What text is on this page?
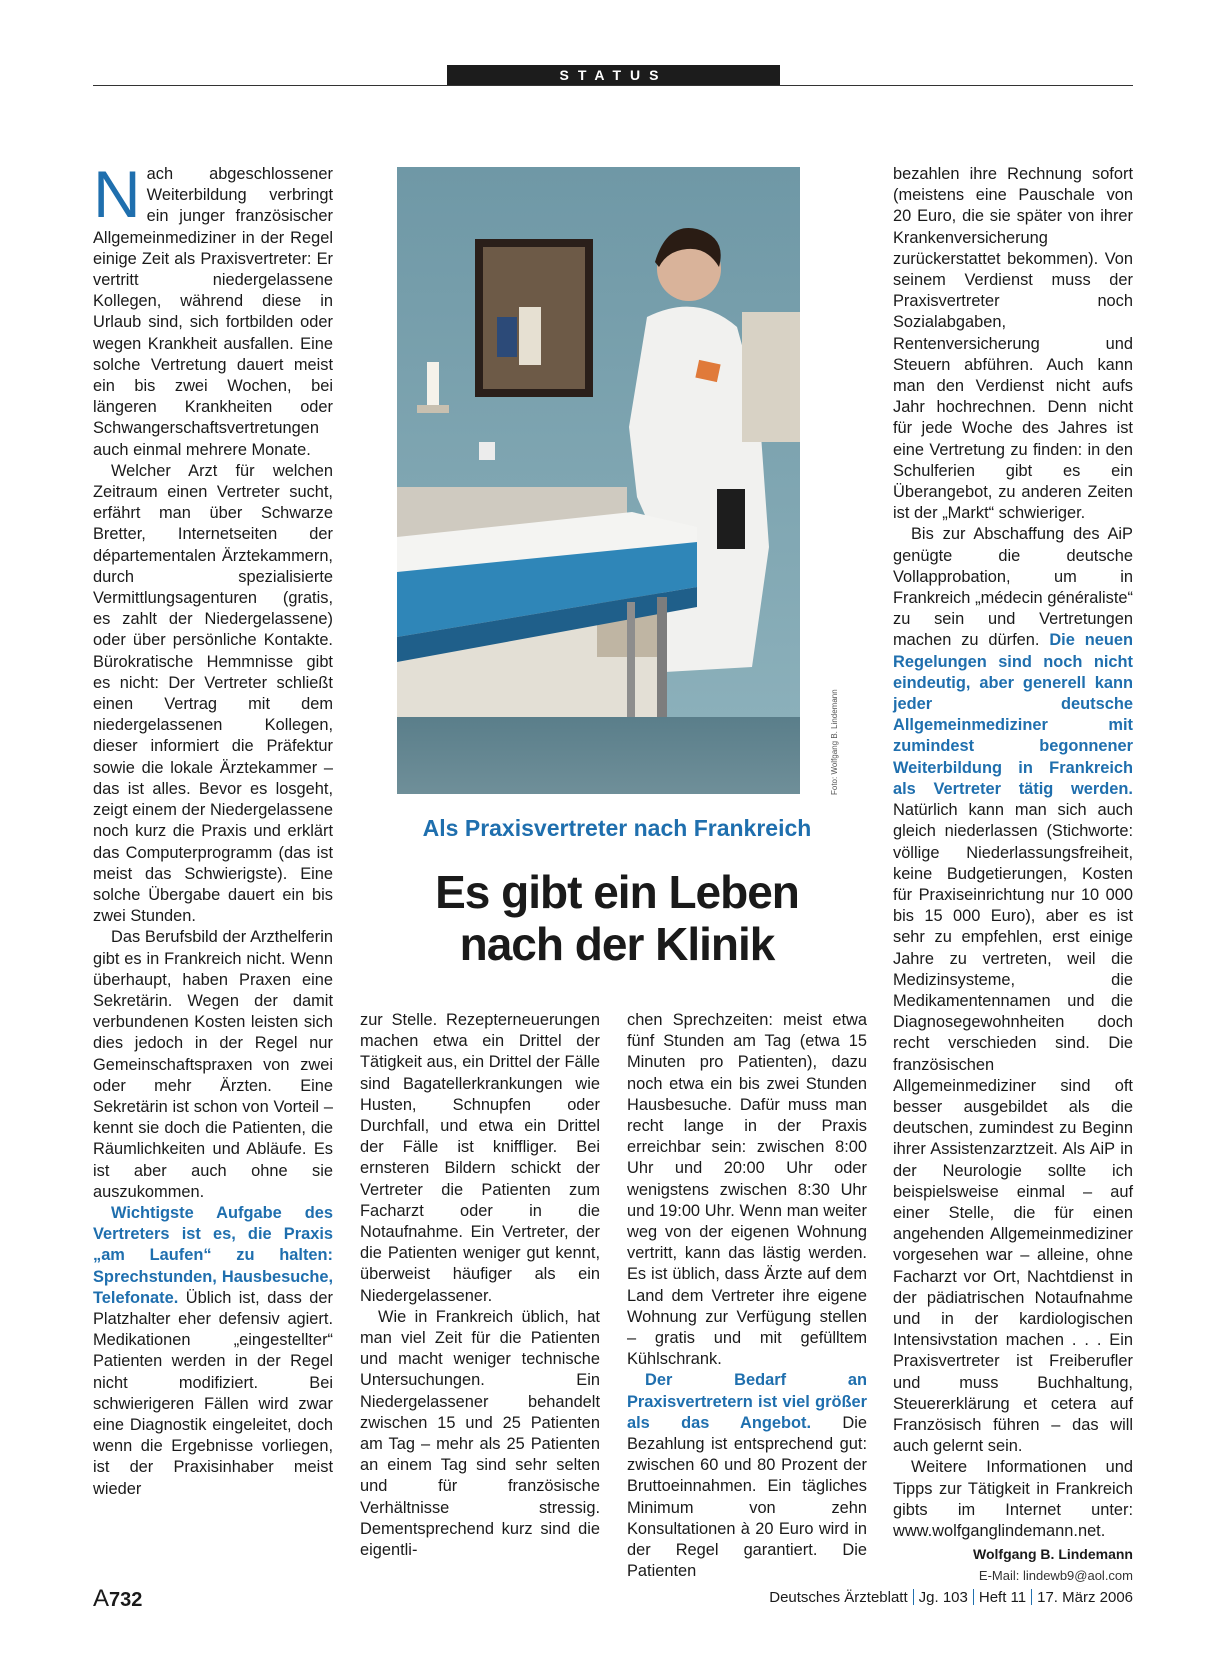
STATUS

Nach abgeschlossener Weiterbildung verbringt ein junger französischer Allgemeinmediziner in der Regel einige Zeit als Praxisvertreter: Er vertritt niedergelassene Kollegen, während diese in Urlaub sind, sich fortbilden oder wegen Krankheit ausfallen. Eine solche Vertretung dauert meist ein bis zwei Wochen, bei längeren Krankheiten oder Schwangerschaftsvertretungen auch einmal mehrere Monate.

Welcher Arzt für welchen Zeitraum einen Vertreter sucht, erfährt man über Schwarze Bretter, Internetseiten der départementalen Ärztekammern, durch spezialisierte Vermittlungsagenturen (gratis, es zahlt der Niedergelassene) oder über persönliche Kontakte. Bürokratische Hemmnisse gibt es nicht: Der Vertreter schließt einen Vertrag mit dem niedergelassenen Kollegen, dieser informiert die Präfektur sowie die lokale Ärztekammer – das ist alles. Bevor es losgeht, zeigt einem der Niedergelassene noch kurz die Praxis und erklärt das Computerprogramm (das ist meist das Schwierigste). Eine solche Übergabe dauert ein bis zwei Stunden.

Das Berufsbild der Arzthelferin gibt es in Frankreich nicht. Wenn überhaupt, haben Praxen eine Sekretärin. Wegen der damit verbundenen Kosten leisten sich dies jedoch in der Regel nur Gemeinschaftspraxen von zwei oder mehr Ärzten. Eine Sekretärin ist schon von Vorteil – kennt sie doch die Patienten, die Räumlichkeiten und Abläufe. Es ist aber auch ohne sie auszukommen.

Wichtigste Aufgabe des Vertreters ist es, die Praxis „am Laufen“ zu halten: Sprechstunden, Hausbesuche, Telefonate. Üblich ist, dass der Platzhalter eher defensiv agiert. Medikationen „eingestellter“ Patienten werden in der Regel nicht modifiziert. Bei schwierigeren Fällen wird zwar eine Diagnostik eingeleitet, doch wenn die Ergebnisse vorliegen, ist der Praxisinhaber meist wieder

Foto: Wolfgang B. Lindemann
Als Praxisvertreter nach Frankreich
Es gibt ein Leben
nach der Klinik

zur Stelle. Rezepterneuerungen machen etwa ein Drittel der Tätigkeit aus, ein Drittel der Fälle sind Bagatellerkrankungen wie Husten, Schnupfen oder Durchfall, und etwa ein Drittel der Fälle ist kniffliger. Bei ernsteren Bildern schickt der Vertreter die Patienten zum Facharzt oder in die Notaufnahme. Ein Vertreter, der die Patienten weniger gut kennt, überweist häufiger als ein Niedergelassener.

Wie in Frankreich üblich, hat man viel Zeit für die Patienten und macht weniger technische Untersuchungen. Ein Niedergelassener behandelt zwischen 15 und 25 Patienten am Tag – mehr als 25 Patienten an einem Tag sind sehr selten und für französische Verhältnisse stressig. Dementsprechend kurz sind die eigentli-

chen Sprechzeiten: meist etwa fünf Stunden am Tag (etwa 15 Minuten pro Patienten), dazu noch etwa ein bis zwei Stunden Hausbesuche. Dafür muss man recht lange in der Praxis erreichbar sein: zwischen 8:00 Uhr und 20:00 Uhr oder wenigstens zwischen 8:30 Uhr und 19:00 Uhr. Wenn man weiter weg von der eigenen Wohnung vertritt, kann das lästig werden. Es ist üblich, dass Ärzte auf dem Land dem Vertreter ihre eigene Wohnung zur Verfügung stellen – gratis und mit gefülltem Kühlschrank.

Der Bedarf an Praxisvertretern ist viel größer als das Angebot. Die Bezahlung ist entsprechend gut: zwischen 60 und 80 Prozent der Bruttoeinnahmen. Ein tägliches Minimum von zehn Konsultationen à 20 Euro wird in der Regel garantiert. Die Patienten

bezahlen ihre Rechnung sofort (meistens eine Pauschale von 20 Euro, die sie später von ihrer Krankenversicherung zurückerstattet bekommen). Von seinem Verdienst muss der Praxisvertreter noch Sozialabgaben, Rentenversicherung und Steuern abführen. Auch kann man den Verdienst nicht aufs Jahr hochrechnen. Denn nicht für jede Woche des Jahres ist eine Vertretung zu finden: in den Schulferien gibt es ein Überangebot, zu anderen Zeiten ist der „Markt“ schwieriger.

Bis zur Abschaffung des AiP genügte die deutsche Vollapprobation, um in Frankreich „médecin généraliste“ zu sein und Vertretungen machen zu dürfen. Die neuen Regelungen sind noch nicht eindeutig, aber generell kann jeder deutsche Allgemeinmediziner mit zumindest begonnener Weiterbildung in Frankreich als Vertreter tätig werden. Natürlich kann man sich auch gleich niederlassen (Stichworte: völlige Niederlassungsfreiheit, keine Budgetierungen, Kosten für Praxiseinrichtung nur 10 000 bis 15 000 Euro), aber es ist sehr zu empfehlen, erst einige Jahre zu vertreten, weil die Medizinsysteme, die Medikamentennamen und die Diagnosegewohnheiten doch recht verschieden sind. Die französischen Allgemeinmediziner sind oft besser ausgebildet als die deutschen, zumindest zu Beginn ihrer Assistenzarztzeit. Als AiP in der Neurologie sollte ich beispielsweise einmal – auf einer Stelle, die für einen angehenden Allgemeinmediziner vorgesehen war – alleine, ohne Facharzt vor Ort, Nachtdienst in der pädiatrischen Notaufnahme und in der kardiologischen Intensivstation machen . . . Ein Praxisvertreter ist Freiberufler und muss Buchhaltung, Steuererklärung et cetera auf Französisch führen – das will auch gelernt sein.

Weitere Informationen und Tipps zur Tätigkeit in Frankreich gibts im Internet unter: www.wolfganglindemann.net.

Wolfgang B. Lindemann
E-Mail: lindewb9@aol.com
A732	Deutsches Ärzteblatt Jg. 103 Heft 11 17. März 2006
